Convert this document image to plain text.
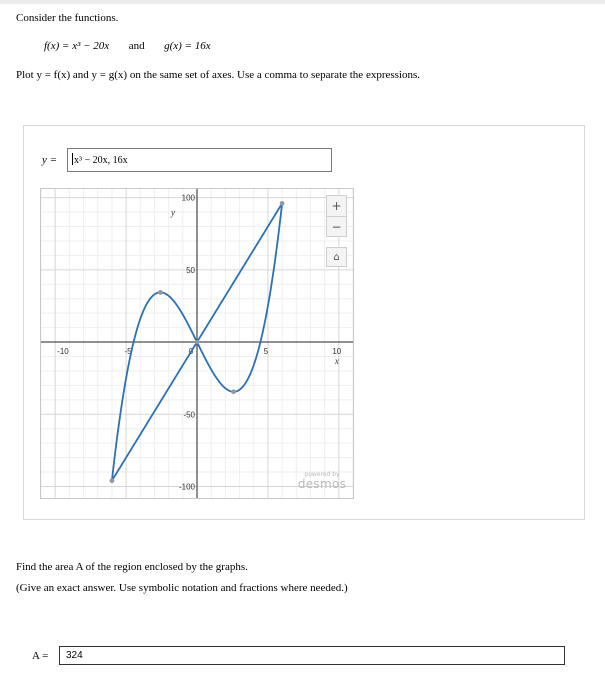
Consider the functions.
f(x) = x³ − 20x and g(x) = 16x
Plot y = f(x) and y = g(x) on the same set of axes. Use a comma to separate the expressions.
y = x³ − 20x, 16x
-10	-5	0	5	10
-100
-50
50
100
x
y	+
−
⌂
powered by
desmos
Find the area A of the region enclosed by the graphs.
(Give an exact answer. Use symbolic notation and fractions where needed.)
A = 324
